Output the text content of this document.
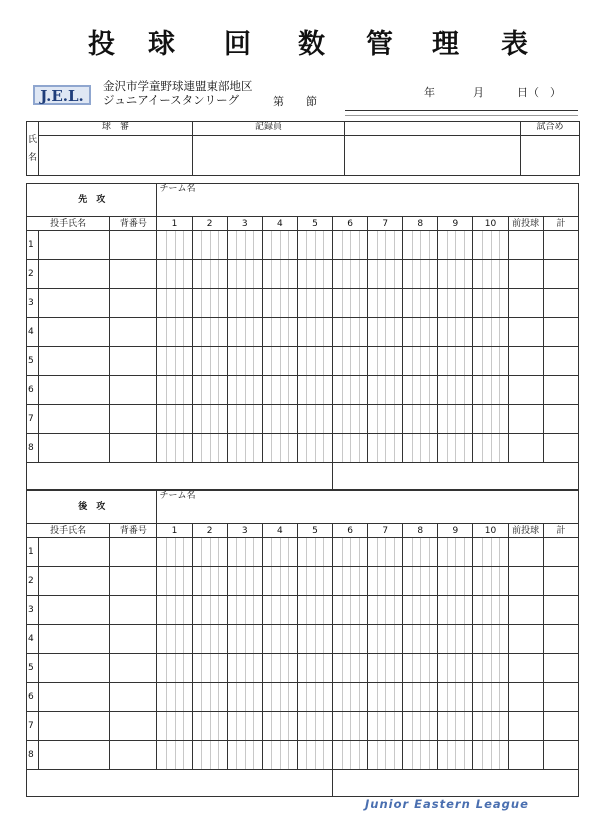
投 球 回 数 管 理 表
J.E.L.
金沢市学童野球連盟東部地区
ジュニアイースタンリーグ	第 節
年	月	日（　）
氏名	球　審	記録員		試合め

先　攻			チーム名											
投手氏名		背番号	1	2	3	4	5	6	7	8	9	10	前投球	計
1			

2			

3			

4			

5			

6			

7			

8			

後　攻			チーム名											
投手氏名		背番号	1	2	3	4	5	6	7	8	9	10	前投球	計
1			

2			

3			

4			

5			

6			

7			

8			

Junior Eastern League
